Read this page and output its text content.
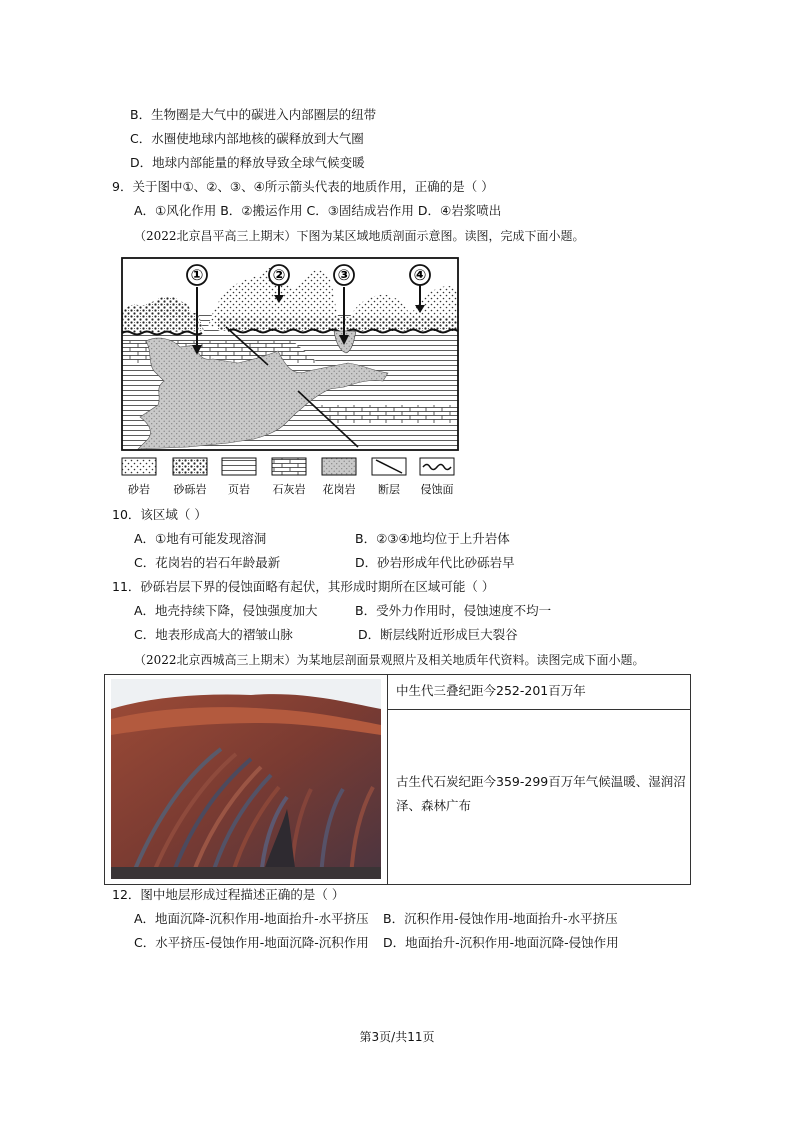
B．生物圈是大气中的碳进入内部圈层的纽带
C．水圈使地球内部地核的碳释放到大气圈
D．地球内部能量的释放导致全球气候变暖
9．关于图中①、②、③、④所示箭头代表的地质作用，正确的是（ ）
A．①风化作用 B．②搬运作用 C．③固结成岩作用 D．④岩浆喷出
（2022北京昌平高三上期末）下图为某区域地质剖面示意图。读图，完成下面小题。
①	②	③	④
砂岩 砂砾岩 页岩 石灰岩 花岗岩 断层 侵蚀面
10．该区域（ ）
A．①地有可能发现溶洞	B．②③④地均位于上升岩体
C．花岗岩的岩石年龄最新	D．砂岩形成年代比砂砾岩早
11．砂砾岩层下界的侵蚀面略有起伏，其形成时期所在区域可能（ ）
A．地壳持续下降，侵蚀强度加大	B．受外力作用时，侵蚀速度不均一
C．地表形成高大的褶皱山脉	D．断层线附近形成巨大裂谷
（2022北京西城高三上期末）为某地层剖面景观照片及相关地质年代资料。读图完成下面小题。
中生代三叠纪距今252-201百万年
古生代石炭纪距今359-299百万年气候温暖、湿润沼泽、森林广布
12．图中地层形成过程描述正确的是（ ）
A．地面沉降-沉积作用-地面抬升-水平挤压 B．沉积作用-侵蚀作用-地面抬升-水平挤压
C．水平挤压-侵蚀作用-地面沉降-沉积作用 D．地面抬升-沉积作用-地面沉降-侵蚀作用
第3页/共11页
